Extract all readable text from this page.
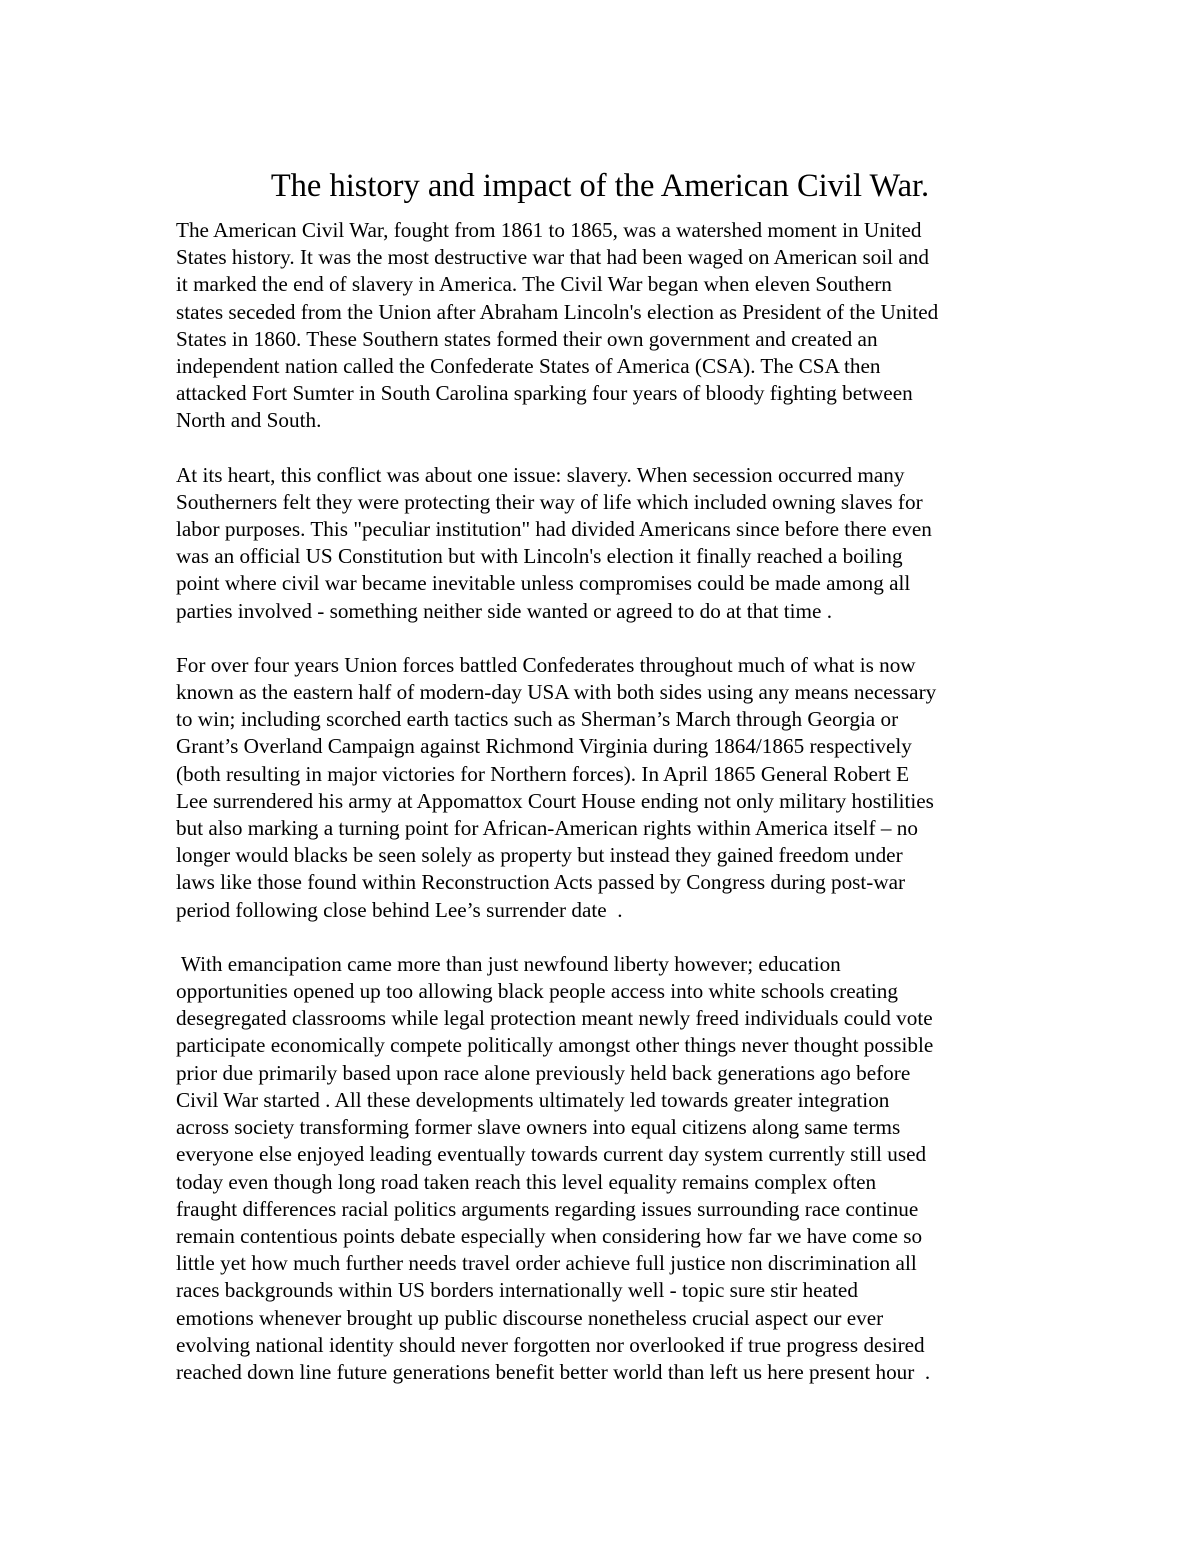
The history and impact of the American Civil War.

The American Civil War, fought from 1861 to 1865, was a watershed moment in United
States history. It was the most destructive war that had been waged on American soil and
it marked the end of slavery in America. The Civil War began when eleven Southern
states seceded from the Union after Abraham Lincoln's election as President of the United
States in 1860. These Southern states formed their own government and created an
independent nation called the Confederate States of America (CSA). The CSA then
attacked Fort Sumter in South Carolina sparking four years of bloody fighting between
North and South.

At its heart, this conflict was about one issue: slavery. When secession occurred many
Southerners felt they were protecting their way of life which included owning slaves for
labor purposes. This "peculiar institution" had divided Americans since before there even
was an official US Constitution but with Lincoln's election it finally reached a boiling
point where civil war became inevitable unless compromises could be made among all
parties involved - something neither side wanted or agreed to do at that time .

For over four years Union forces battled Confederates throughout much of what is now
known as the eastern half of modern-day USA with both sides using any means necessary
to win; including scorched earth tactics such as Sherman’s March through Georgia or
Grant’s Overland Campaign against Richmond Virginia during 1864/1865 respectively
(both resulting in major victories for Northern forces). In April 1865 General Robert E
Lee surrendered his army at Appomattox Court House ending not only military hostilities
but also marking a turning point for African-American rights within America itself – no
longer would blacks be seen solely as property but instead they gained freedom under
laws like those found within Reconstruction Acts passed by Congress during post-war
period following close behind Lee’s surrender date  .

With emancipation came more than just newfound liberty however; education
opportunities opened up too allowing black people access into white schools creating
desegregated classrooms while legal protection meant newly freed individuals could vote
participate economically compete politically amongst other things never thought possible
prior due primarily based upon race alone previously held back generations ago before
Civil War started . All these developments ultimately led towards greater integration
across society transforming former slave owners into equal citizens along same terms
everyone else enjoyed leading eventually towards current day system currently still used
today even though long road taken reach this level equality remains complex often
fraught differences racial politics arguments regarding issues surrounding race continue
remain contentious points debate especially when considering how far we have come so
little yet how much further needs travel order achieve full justice non discrimination all
races backgrounds within US borders internationally well - topic sure stir heated
emotions whenever brought up public discourse nonetheless crucial aspect our ever
evolving national identity should never forgotten nor overlooked if true progress desired
reached down line future generations benefit better world than left us here present hour  .
